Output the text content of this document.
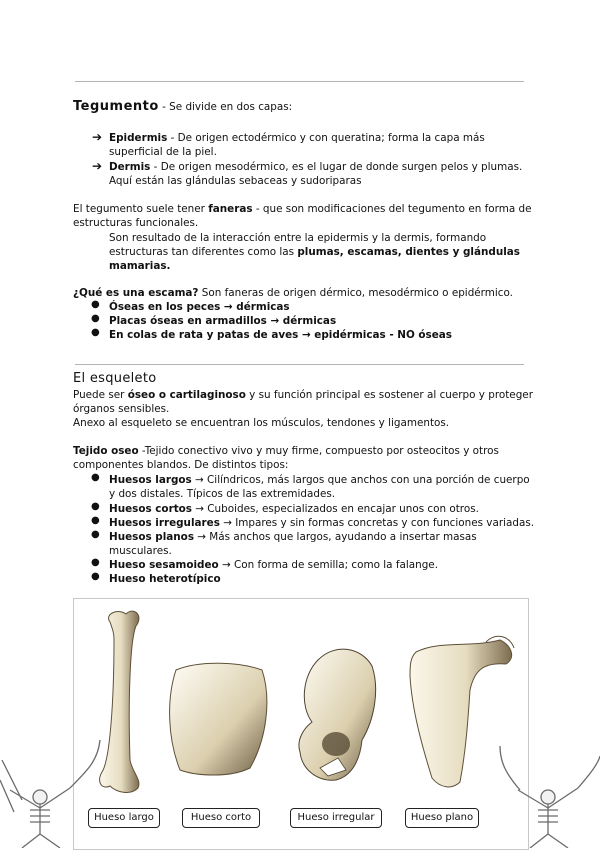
Tegumento - Se divide en dos capas:
➔ Epidermis - De origen ectodérmico y con queratina; forma la capa más
superficial de la piel.
➔ Dermis - De origen mesodérmico, es el lugar de donde surgen pelos y plumas.
Aquí están las glándulas sebaceas y sudoriparas
El tegumento suele tener faneras - que son modificaciones del tegumento en forma de
estructuras funcionales.
Son resultado de la interacción entre la epidermis y la dermis, formando
estructuras tan diferentes como las plumas, escamas, dientes y glándulas
mamarias.
¿Qué es una escama? Son faneras de origen dérmico, mesodérmico o epidérmico.
● Óseas en los peces → dérmicas
● Placas óseas en armadillos → dérmicas
● En colas de rata y patas de aves → epidérmicas - NO óseas
El esqueleto
Puede ser óseo o cartilaginoso y su función principal es sostener al cuerpo y proteger
órganos sensibles.
Anexo al esqueleto se encuentran los músculos, tendones y ligamentos.
Tejido oseo -Tejido conectivo vivo y muy firme, compuesto por osteocitos y otros
componentes blandos. De distintos tipos:
● Huesos largos → Cilíndricos, más largos que anchos con una porción de cuerpo
y dos distales. Típicos de las extremidades.
● Huesos cortos → Cuboides, especializados en encajar unos con otros.
● Huesos irregulares → Impares y sin formas concretas y con funciones variadas.
● Huesos planos → Más anchos que largos, ayudando a insertar masas
musculares.
● Hueso sesamoideo → Con forma de semilla; como la falange.
● Hueso heterotípico
Hueso largo	Hueso corto	Hueso irregular	Hueso plano
